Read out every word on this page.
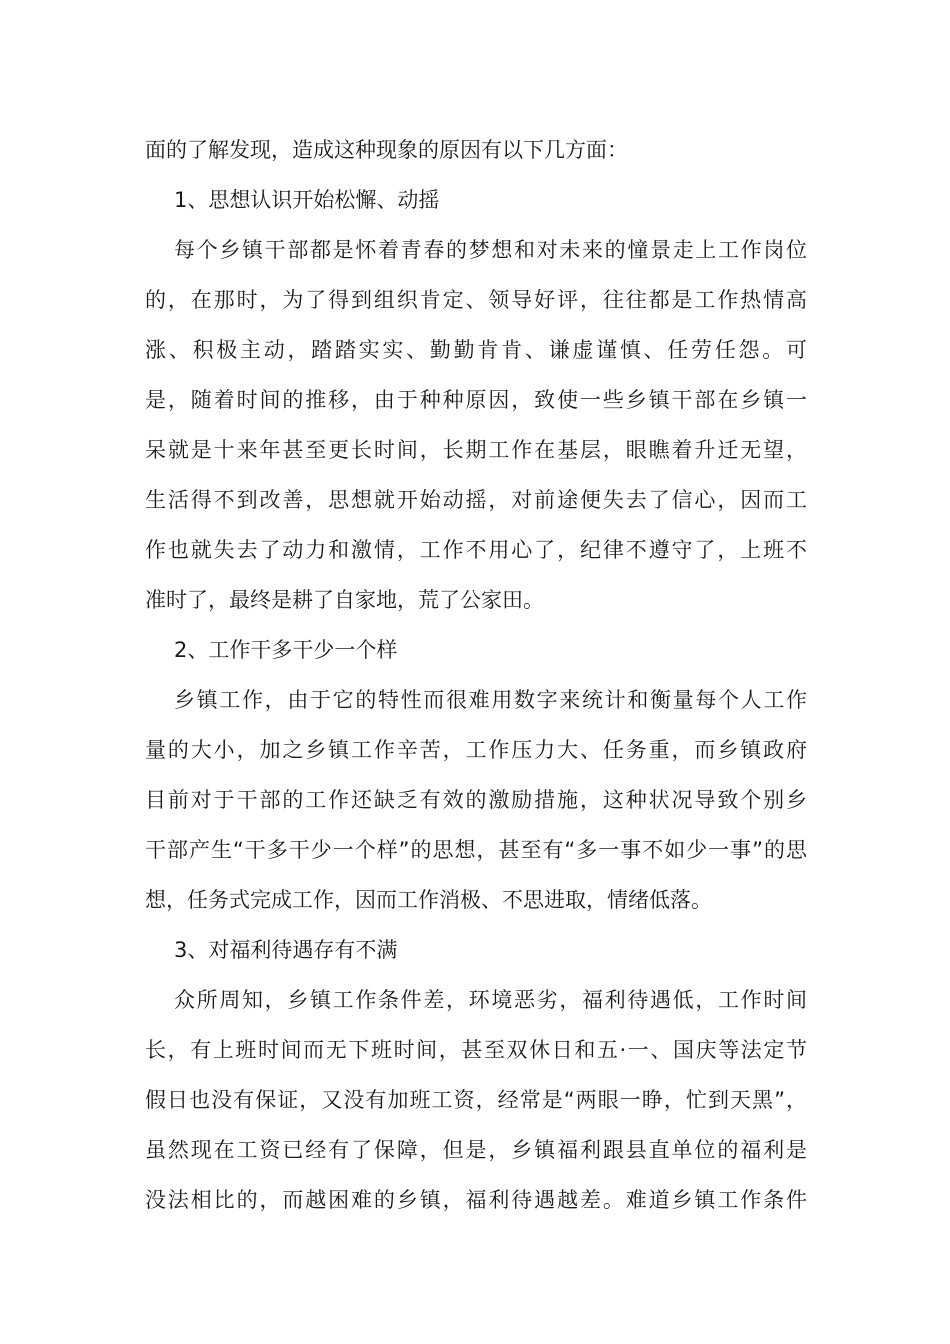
面的了解发现，造成这种现象的原因有以下几方面：
1、思想认识开始松懈、动摇
每个乡镇干部都是怀着青春的梦想和对未来的憧景走上工作岗位
的，在那时，为了得到组织肯定、领导好评，往往都是工作热情高
涨、积极主动，踏踏实实、勤勤肯肯、谦虚谨慎、任劳任怨。可
是，随着时间的推移，由于种种原因，致使一些乡镇干部在乡镇一
呆就是十来年甚至更长时间，长期工作在基层，眼瞧着升迁无望，
生活得不到改善，思想就开始动摇，对前途便失去了信心，因而工
作也就失去了动力和激情，工作不用心了，纪律不遵守了，上班不
准时了，最终是耕了自家地，荒了公家田。
2、工作干多干少一个样
乡镇工作，由于它的特性而很难用数字来统计和衡量每个人工作
量的大小，加之乡镇工作辛苦，工作压力大、任务重，而乡镇政府
目前对于干部的工作还缺乏有效的激励措施，这种状况导致个别乡
干部产生“干多干少一个样”的思想，甚至有“多一事不如少一事”的思
想，任务式完成工作，因而工作消极、不思进取，情绪低落。
3、对福利待遇存有不满
众所周知，乡镇工作条件差，环境恶劣，福利待遇低，工作时间
长，有上班时间而无下班时间，甚至双休日和五·一、国庆等法定节
假日也没有保证，又没有加班工资，经常是“两眼一睁，忙到天黑”，
虽然现在工资已经有了保障，但是，乡镇福利跟县直单位的福利是
没法相比的，而越困难的乡镇，福利待遇越差。难道乡镇工作条件
